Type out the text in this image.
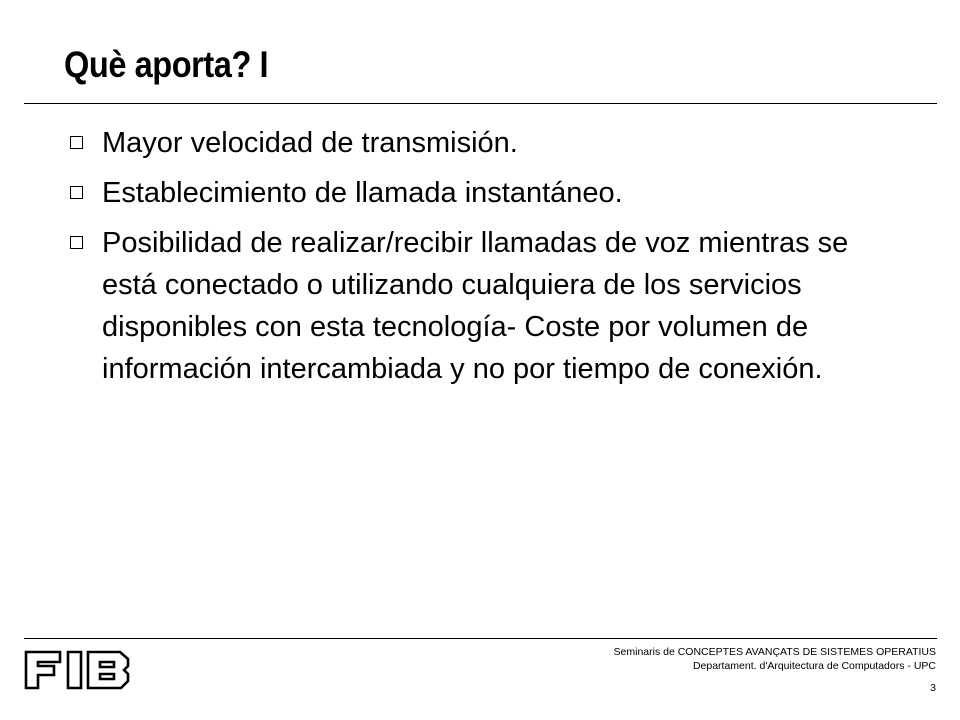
Què aporta? I
Mayor velocidad de transmisión.
Establecimiento de llamada instantáneo.
Posibilidad de realizar/recibir llamadas de voz mientras se
está conectado o utilizando cualquiera de los servicios
disponibles con esta tecnología- Coste por volumen de
información intercambiada y no por tiempo de conexión.
Seminaris de CONCEPTES AVANÇATS DE SISTEMES OPERATIUS
Departament. d'Arquitectura de Computadors - UPC
3
